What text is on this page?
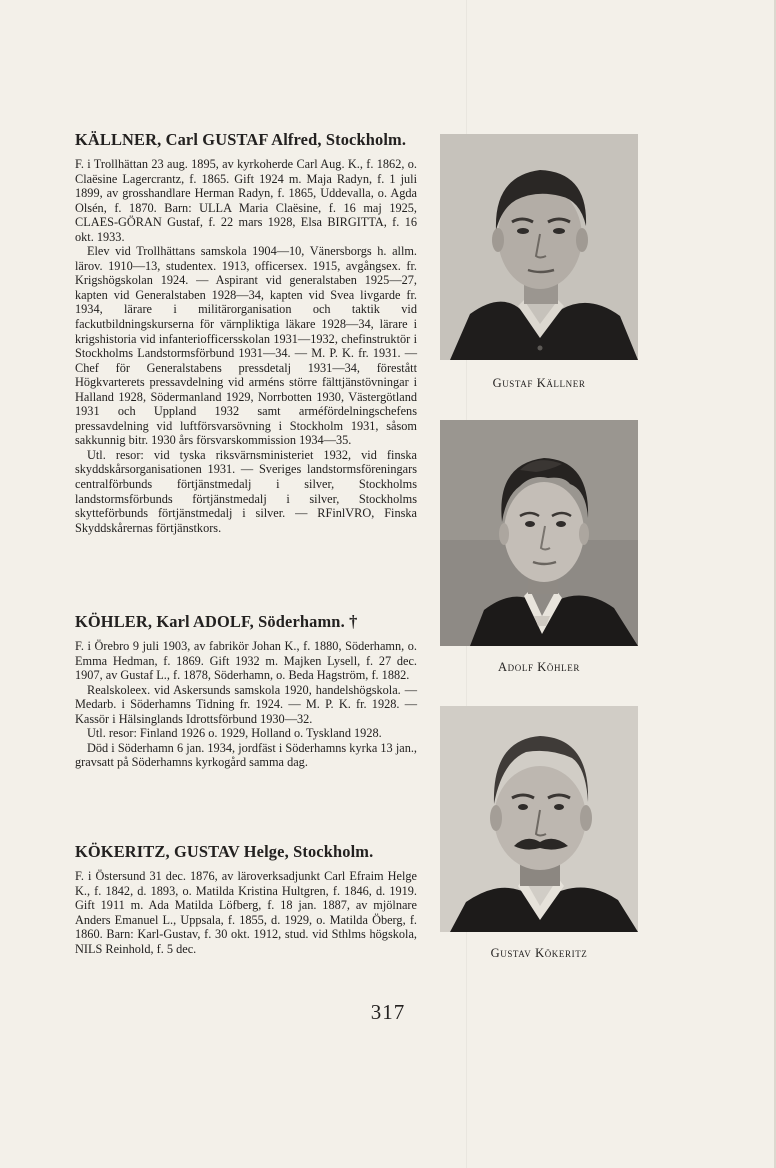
KÄLLNER, Carl GUSTAF Alfred, Stockholm.

F. i Trollhättan 23 aug. 1895, av kyrkoherde Carl Aug. K., f. 1862, o. Claësine Lagercrantz, f. 1865. Gift 1924 m. Maja Radyn, f. 1 juli 1899, av grosshandlare Herman Radyn, f. 1865, Uddevalla, o. Agda Olsén, f. 1870. Barn: ULLA Maria Claësine, f. 16 maj 1925, CLAES-GÖRAN Gustaf, f. 22 mars 1928, Elsa BIRGITTA, f. 16 okt. 1933.

Elev vid Trollhättans samskola 1904—10, Vänersborgs h. allm. lärov. 1910—13, studentex. 1913, officersex. 1915, avgångsex. fr. Krigshögskolan 1924. — Aspirant vid generalstaben 1925—27, kapten vid Generalstaben 1928—34, kapten vid Svea livgarde fr. 1934, lärare i militärorganisation och taktik vid fackutbildningskurserna för värnpliktiga läkare 1928—34, lärare i krigshistoria vid infanteriofficersskolan 1931—1932, chefinstruktör i Stockholms Landstormsförbund 1931—34. — M. P. K. fr. 1931. — Chef för Generalstabens pressdetalj 1931—34, förestått Högkvarterets pressavdelning vid arméns större fälttjänstövningar i Halland 1928, Södermanland 1929, Norrbotten 1930, Västergötland 1931 och Uppland 1932 samt arméfördelningschefens pressavdelning vid luftförsvarsövning i Stockholm 1931, såsom sakkunnig bitr. 1930 års försvarskommission 1934—35.

Utl. resor: vid tyska riksvärnsministeriet 1932, vid finska skyddskårsorganisationen 1931. — Sveriges landstormsföreningars centralförbunds förtjänstmedalj i silver, Stockholms landstormsförbunds förtjänstmedalj i silver, Stockholms skytteförbunds förtjänstmedalj i silver. — RFinlVRO, Finska Skyddskårernas förtjänstkors.

KÖHLER, Karl ADOLF, Söderhamn. †

F. i Örebro 9 juli 1903, av fabrikör Johan K., f. 1880, Söderhamn, o. Emma Hedman, f. 1869. Gift 1932 m. Majken Lysell, f. 27 dec. 1907, av Gustaf L., f. 1878, Söderhamn, o. Beda Hagström, f. 1882.

Realskoleex. vid Askersunds samskola 1920, handelshögskola. — Medarb. i Söderhamns Tidning fr. 1924. — M. P. K. fr. 1928. — Kassör i Hälsinglands Idrottsförbund 1930—32.

Utl. resor: Finland 1926 o. 1929, Holland o. Tyskland 1928.

Död i Söderhamn 6 jan. 1934, jordfäst i Söderhamns kyrka 13 jan., gravsatt på Söderhamns kyrkogård samma dag.

KÖKERITZ, GUSTAV Helge, Stockholm.

F. i Östersund 31 dec. 1876, av läroverksadjunkt Carl Efraim Helge K., f. 1842, d. 1893, o. Matilda Kristina Hultgren, f. 1846, d. 1919. Gift 1911 m. Ada Matilda Löfberg, f. 18 jan. 1887, av mjölnare Anders Emanuel L., Uppsala, f. 1855, d. 1929, o. Matilda Öberg, f. 1860. Barn: Karl-Gustav, f. 30 okt. 1912, stud. vid Sthlms högskola, NILS Reinhold, f. 5 dec.

Gustaf Källner
Adolf Köhler
Gustav Kökeritz
317
